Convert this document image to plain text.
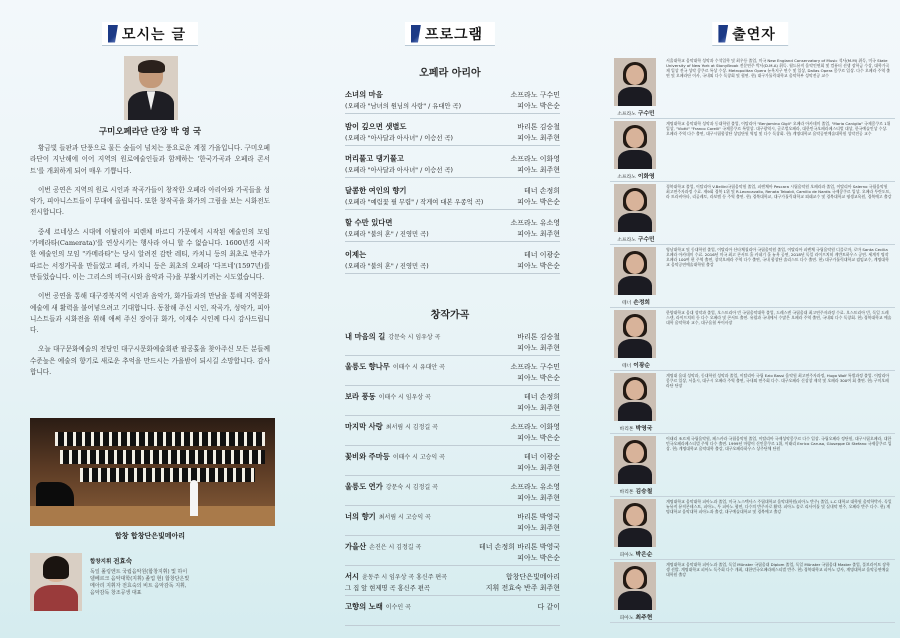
모시는 글
구미오페라단 단장 박 영 국

황금빛 들판과 단풍으로 물든 숲들이 넘치는 풍요로운 계절 가을입니다. 구미오페라단이 지난해에 이어 지역의 원로예술인들과 함께하는 '한국가곡과 오페라 콘서트'를 개최하게 되어 매우 기쁩니다.

이번 공연은 지역의 원로 시인과 작곡가들이 창작한 오페라 아리아와 가곡들을 성악가, 피아니스트들이 무대에 올립니다. 또한 창작곡을 화가의 그림을 보는 시화전도 전시합니다.

중세 르네상스 시대에 이탈리아 피렌체 바르디 가문에서 시작된 예술인의 모임 '카메라타(Camerata)'를 연상시키는 행사라 아니 할 수 없습니다. 1600년경 시작한 예술인의 모임 "카메라타"는 당시 알려진 감탄 레티, 카치니 등의 최초로 반주가 따르는 서정가곡을 만들었고 페리, 카치니 등은 최초의 오페라 '다프네'(1597년)를 만들었습니다. 이는 그리스의 비극(시와 음악과 극)을 부활시키려는 시도였습니다.

이번 공연을 통해 대구경북지역 시인과 음악가, 화가들과의 만남을 통해 지역문화예술에 새 활력을 불어넣으려고 기대합니다. 동참해 주신 시인, 작곡가, 성악가, 피아니스트들과 시화전을 위해 애써 주신 장이규 화가, 이재수 시인께 다시 감사드립니다.

오늘 대구문화예술의 전당인 대구시문화예술회관 팔공홀을 찾아주신 모든 분들께 수준높은 예술의 향기로 새로운 추억을 만드시는 가을밤이 되시길 소망합니다. 감사합니다.

합창 합창단은빛메아리
합창지휘 전효숙
독일 폴링엔트 국립음악원(합창지휘) 및 하이델베르크 음악대학(지휘) 졸업 현) 합창단은빛메아리 지휘자 전효숙의 비트 음악감독 지휘, 음악감독 창조공생 대표
프로그램
오페라 아리아
소녀의 마음
(오페라 "남녀의 원님의 사랑" / 유대안 곡)
소프라노 구수민
피아노 박은순
밤이 깊으면 샛별도
(오페라 "아사달과 아사녀" / 이승선 곡)
바리톤 김승철
피아노 최주현
머리풀고 댕기풀고
(오페라 "아사달과 아사녀" / 이승선 곡)
소프라노 이화영
피아노 최주현
달콤한 여인의 향기
(오페라 "예림꽃 필 무렵" / 작게여 대본 우종억 곡)
테너 손정희
피아노 박은순
할 수만 있다면
(오페라 "불의 혼" / 진영민 곡)
소프라노 유소영
피아노 최주현
이제는
(오페라 "불의 혼" / 진영민 곡)
테너 이광순
피아노 박은순
창작가곡
내 마음의 길 강문숙 시 임우상 곡	바리톤 김승철
피아노 최주현
울릉도 향나무 이태수 시 유대안 곡	소프라노 구수민
피아노 박은순
보라 풍동 이태수 시 임우상 곡	테너 손정희
피아노 최주현
마지막 사랑 최서림 시 김정길 곡	소프라노 이화영
피아노 박은순
꽃비와 주마등 이태수 시 고승익 곡	테너 이광순
피아노 최주현
울릉도 연가 강문숙 시 김정길 곡	소프라노 유소영
피아노 최주현
너의 향기 최서림 시 고승익 곡	바리톤 박영국
피아노 최주현
가을산 손진은 시 김정길 곡	테너 손정희 바리톤 박영국
피아노 박은순
서시 윤동주 시 임우상 곡 홍신주 편곡
그 집 앞 현제명 곡 홍신주 편곡
합창단은빛메아리
지휘 전효숙 반주 최주현
고향의 노래 이수인 곡	다 같이
출연자
소프라노 구수민
서울대학교 음악대학 성악과 수석입학 및 최우등 졸업, 미국 New England Conservatory of Music 석사(M.M) 취득, 미국 State University of New York at StonyBrook 전문연주 박사(D.M.A) 취득. 월드뮤직 음악인연회 및 컴퓨터 선생 장학금 수상, 대학가곡제 입상 전국 성악 콩쿠르 특상 수상. Metropolitan Opera 뉴욕지구 연수 및 입상, Dallas Opera 콩쿠르 입상. 다수 오페라 주역 출연 및 오페라단 이사, 국내외 다수 독창회 및 협연. 현) 대구가톨릭대학교 음악학부 성악전공 교수
소프라노 이화영
계명대학교 음악대학 성악과 동대학원 졸업, 이탈리아 "Benjamino Gigli" 오페라 아카데미 졸업, "Maria Caniglia" 국제콩쿠르 1위 입상, "Viotti" "Franco Corelli" 국제콩쿠르 특별상. 대구광역시, 글로벌오페라, 대한민국오페라페스티벌 대상, 한국예술인상 수상. 오페라 주역 다수 출연, 대구시립합창단 상임단원 역임 및 다수 독창회. 현) 계명대학교 음악공연예술대학원 성악전공 교수
소프라노 구수민
경북대학교 졸업, 이탈리아 V.Bellini국립음악원 졸업, 피렌체아 Pescara 시립음악원 오페라과 졸업, 이탈리아 Salerno 국립음악원 최고연주자과정 수료. 제9회 경북 1위 및 R.Leoncavallo, Renata Tebaldi, Camillo de Nardis 국제콩쿠르 입상. 오페라 투란도트, 라 트라비아타, 리골레토, 라보엠 등 주역 출연. 현) 경북대학교, 대구가톨릭대학교 외래교수 및 경북대학교 평생교육원, 경북예고 출강
테너 손정희
영남대학교 및 동대학원 졸업, 이탈리아 산타체칠리아 국립음악원 졸업, 이탈리아 피렌체 국립음악원 디플로마, 로마 Santa Cecilia 오페라 아카데미 수료. 2016년 미국 최고 콘서트 홀 카네기 홀 뉴욕 공연, 2018년 독일 라이프치히 게반트하우스 공연. 세계적 명작 오페라 100여 편 주역 출연, 창작오페라 주역 다수 출연, 국내 합창단 솔리스트 다수 출연. 현) 대구가톨릭대학교 겸임교수, 계명대학교 음악공연예술대학원 출강
테너 이광순
한양대학교 음대 성악과 졸업, 오스트리아 빈 국립음악대학 졸업, 드레스덴 국립음대 최고연주자과정 수료. 오스트리아 빈, 독일 드레스덴, 라이프치히 등 다수 오페라 및 콘서트 출연. 유럽과 국내에서 수많은 오페라 주역 출연, 국내외 다수 독창회. 현) 경북대학교 예술대학 음악학과 교수, 대구음협 부이사장
바리톤 박영국
계명대 음대 성악과, 동대학원 성악과 졸업, 이탈리아 국립 Ezio Bassi 음악원 최고연주자과정, Hugo Wolf 특별과정 졸업. 이탈리아 콩쿠르 입상, 서울시, 대구시 오페라 주역 출연, 국내외 연주회 다수. 대구오페라 신상창 제작 및 오페라 300여 회 출연. 현) 구미오페라단 단장
바리톤 김승철
이태리 조르제 국립음악원, 페스카라 국립음악원 졸업, 이탈리아 국제성악콩쿠르 다수 입상. 국립오페라 정단원, 대구시립오페라, 대한민국오페라페스티벌 주역 다수 출연. 1999년 마랑이 신인콩쿠르 1위, 이태리 Enrico Caruso, Giuseppe Di Stefano 국제콩쿠르 입상. 현) 계명대학교 음악대학 출강, 대구오페라하우스 상주단체 단원
피아노 박은순
계명대학교 음악대학 피아노과 졸업, 미국 노스텍사스 주립대학교 음악대학원(피아노 반주) 졸업, L.C 대학교 대학원 음악학박사. 독일 뉴뮤직 뮤직콘테스트, 피아노, 투 피아노 협연, 다수의 반주자로 활약. 피아노 솔로 리사이틀 및 실내악 연주, 오페라 반주 다수. 현) 계명대학교 음악대학 피아노과 출강, 대구예술대학교 및 경북예고 출강
피아노 최주현
계명대학교 음악대학 피아노과 졸업, 독일 Münster 국립음대 Diplom 졸업, 독일 Münster 국립음대 Master 졸업, 풀브라이트 장학생 선발. 계명대학교 피아노 독주회 다수 개최, 대한민국오페라페스티벌 반주. 현) 경북대학교 피아노 강사, 계명대학교 음악공연예술대학원 출강
